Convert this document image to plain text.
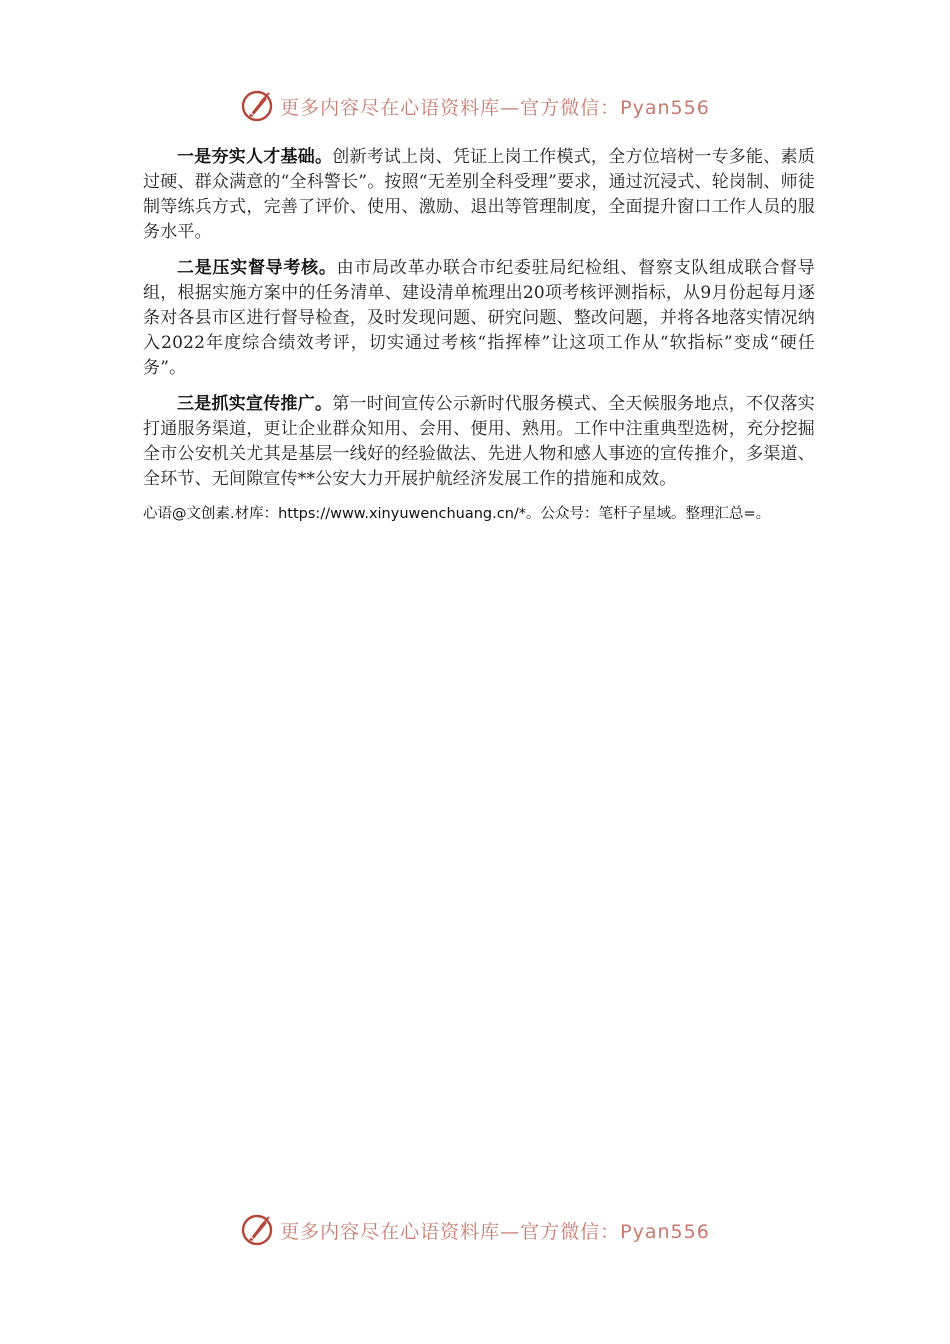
更多内容尽在心语资料库—官方微信：Pyan556

一是夯实人才基础。创新考试上岗、凭证上岗工作模式，全方位培树一专多能、素质过硬、群众满意的“全科警长”。按照“无差别全科受理”要求，通过沉浸式、轮岗制、师徒制等练兵方式，完善了评价、使用、激励、退出等管理制度，全面提升窗口工作人员的服务水平。

二是压实督导考核。由市局改革办联合市纪委驻局纪检组、督察支队组成联合督导组，根据实施方案中的任务清单、建设清单梳理出20项考核评测指标，从9月份起每月逐条对各县市区进行督导检查，及时发现问题、研究问题、整改问题，并将各地落实情况纳入2022年度综合绩效考评，切实通过考核“指挥棒”让这项工作从“软指标”变成“硬任务”。

三是抓实宣传推广。第一时间宣传公示新时代服务模式、全天候服务地点，不仅落实打通服务渠道，更让企业群众知用、会用、便用、熟用。工作中注重典型选树，充分挖掘全市公安机关尤其是基层一线好的经验做法、先进人物和感人事迹的宣传推介，多渠道、全环节、无间隙宣传**公安大力开展护航经济发展工作的措施和成效。

心语@文创素.材库：https://www.xinyuwenchuang.cn/*。公众号：笔杆子星域。整理汇总=。

更多内容尽在心语资料库—官方微信：Pyan556
